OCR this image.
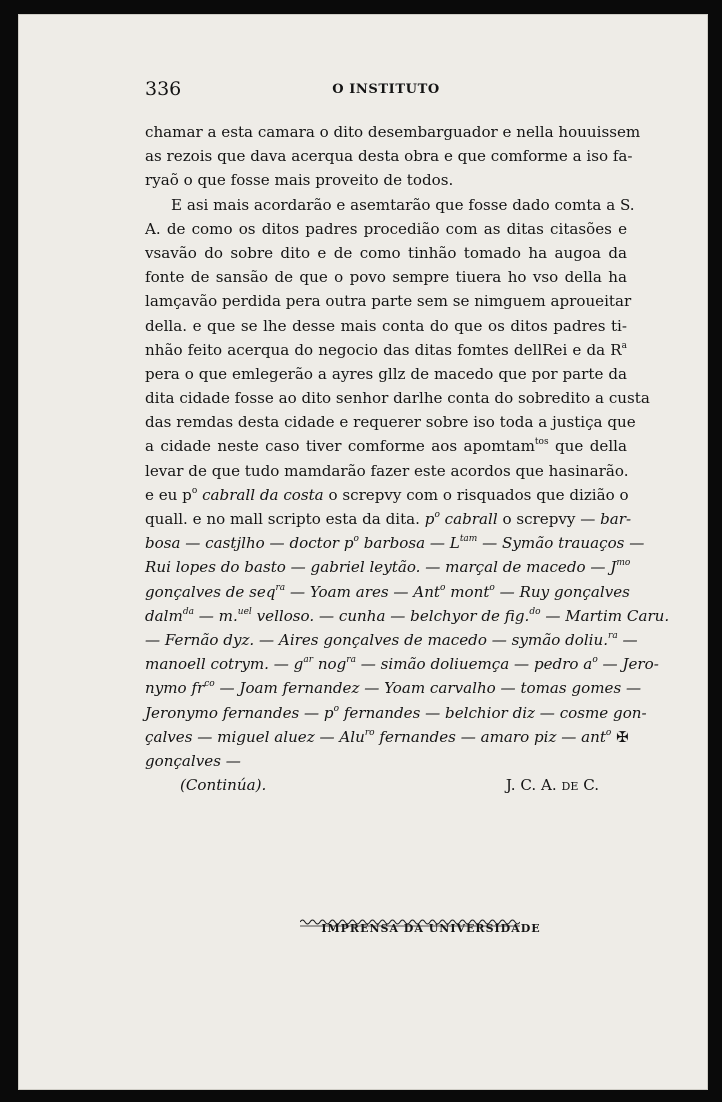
336	O INSTITUTO
chamar a esta camara o dito desembarguador e nella houuissem
as rezois que dava acerqua desta obra e que comforme a iso fa-
ryaõ o que fosse mais proveito de todos.
E asi mais acordarão e asemtarão que fosse dado comta a S.
A. de como os ditos padres procedião com as ditas citasões e
vsavão do sobre dito e de como tinhão tomado ha augoa da
fonte de sansão de que o povo sempre tiuera ho vso della ha
lamçavão perdida pera outra parte sem se nimguem aproueitar
della. e que se lhe desse mais conta do que os ditos padres ti-
nhão feito acerqua do negocio das ditas fomtes dellRei e da $R^a$
pera o que emlegerão a ayres gllz de macedo que por parte da
dita cidade fosse ao dito senhor darlhe conta do sobredito a custa
das remdas desta cidade e requerer sobre iso toda a justiça que
a cidade neste caso tiver comforme aos apomtam$^{tos}$ que della
levar de que tudo mamdarão fazer este acordos que hasinarão.
e eu $p^o$ cabrall da costa o screpvy com o risquados que dizião o
quall. e no mall scripto esta da dita. $p^o$ cabrall o screpvy — bar-
bosa — castjlho — doctor $p^o$ barbosa — $L^{tam}$ — Symão trauaços —
Rui lopes do basto — gabriel leytão. — marçal de macedo — $J^{mo}$
gonçalves de seq$^{ra}$ — Yoam ares — Ant$^o$ mont$^o$ — Ruy gonçalves
dalm$^{da}$ — m.$^{uel}$ velloso. — cunha — belchyor de fig.$^{do}$ — Martim Caru.
— Fernão dyz. — Aires gonçalves de macedo — symão doliu.$^{ra}$ —
manoell cotrym. — $g^{ar}$ nog$^{ra}$ — simão doliuemça — pedro $a^o$ — Jero-
nymo $fr^{co}$ — Joam fernandez — Yoam carvalho — tomas gomes —
Jeronymo fernandes — $p^o$ fernandes — belchior diz — cosme gon-
çalves — miguel aluez — Alu$^{ro}$ fernandes — amaro piz — ant$^o$ ✠
gonçalves —
(Continúa).	J. C. A. DE C.
IMPRENSA DA UNIVERSIDADE
